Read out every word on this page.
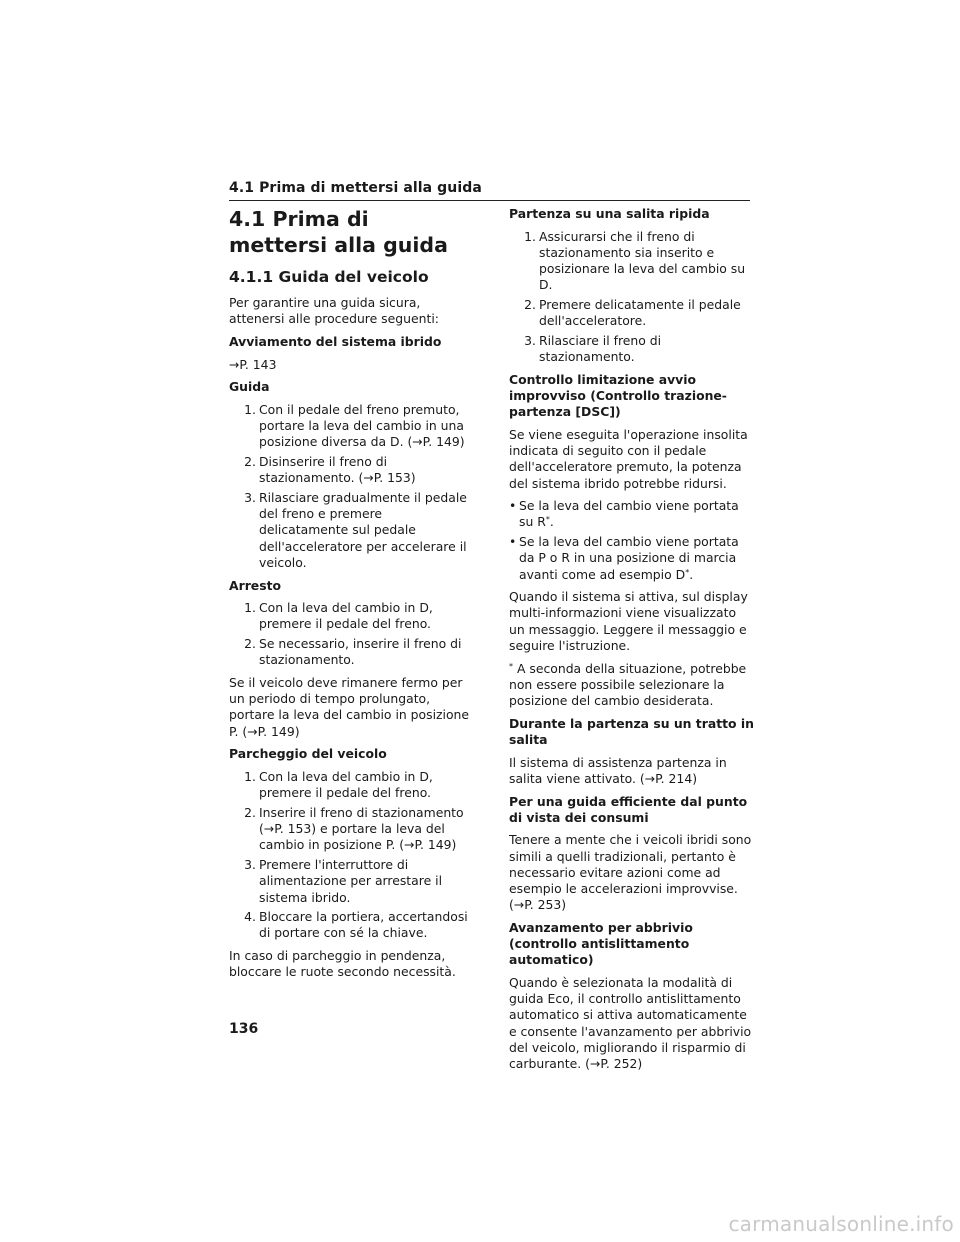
4.1 Prima di mettersi alla guida
4.1 Prima di mettersi alla guida
4.1.1 Guida del veicolo

Per garantire una guida sicura, attenersi alle procedure seguenti:

Avviamento del sistema ibrido

→P. 143

Guida

1. Con il pedale del freno premuto, portare la leva del cambio in una posizione diversa da D. (→P. 149)
2. Disinserire il freno di stazionamento. (→P. 153)
3. Rilasciare gradualmente il pedale del freno e premere delicatamente sul pedale dell'acceleratore per accelerare il veicolo.

Arresto

1. Con la leva del cambio in D, premere il pedale del freno.
2. Se necessario, inserire il freno di stazionamento.

Se il veicolo deve rimanere fermo per un periodo di tempo prolungato, portare la leva del cambio in posizione P. (→P. 149)

Parcheggio del veicolo

1. Con la leva del cambio in D, premere il pedale del freno.
2. Inserire il freno di stazionamento (→P. 153) e portare la leva del cambio in posizione P. (→P. 149)
3. Premere l'interruttore di alimentazione per arrestare il sistema ibrido.
4. Bloccare la portiera, accertandosi di portare con sé la chiave.

In caso di parcheggio in pendenza, bloccare le ruote secondo necessità.

Partenza su una salita ripida

1. Assicurarsi che il freno di stazionamento sia inserito e posizionare la leva del cambio su D.
2. Premere delicatamente il pedale dell'acceleratore.
3. Rilasciare il freno di stazionamento.

Controllo limitazione avvio improvviso (Controllo trazione-partenza [DSC])

Se viene eseguita l'operazione insolita indicata di seguito con il pedale dell'acceleratore premuto, la potenza del sistema ibrido potrebbe ridursi.

• Se la leva del cambio viene portata su R*.
• Se la leva del cambio viene portata da P o R in una posizione di marcia avanti come ad esempio D*.

Quando il sistema si attiva, sul display multi-informazioni viene visualizzato un messaggio. Leggere il messaggio e seguire l'istruzione.

* A seconda della situazione, potrebbe non essere possibile selezionare la posizione del cambio desiderata.

Durante la partenza su un tratto in salita

Il sistema di assistenza partenza in salita viene attivato. (→P. 214)

Per una guida efficiente dal punto di vista dei consumi

Tenere a mente che i veicoli ibridi sono simili a quelli tradizionali, pertanto è necessario evitare azioni come ad esempio le accelerazioni improvvise. (→P. 253)

Avanzamento per abbrivio (controllo antislittamento automatico)

Quando è selezionata la modalità di guida Eco, il controllo antislittamento automatico si attiva automaticamente e consente l'avanzamento per abbrivio del veicolo, migliorando il risparmio di carburante. (→P. 252)

136
carmanualsonline.info
